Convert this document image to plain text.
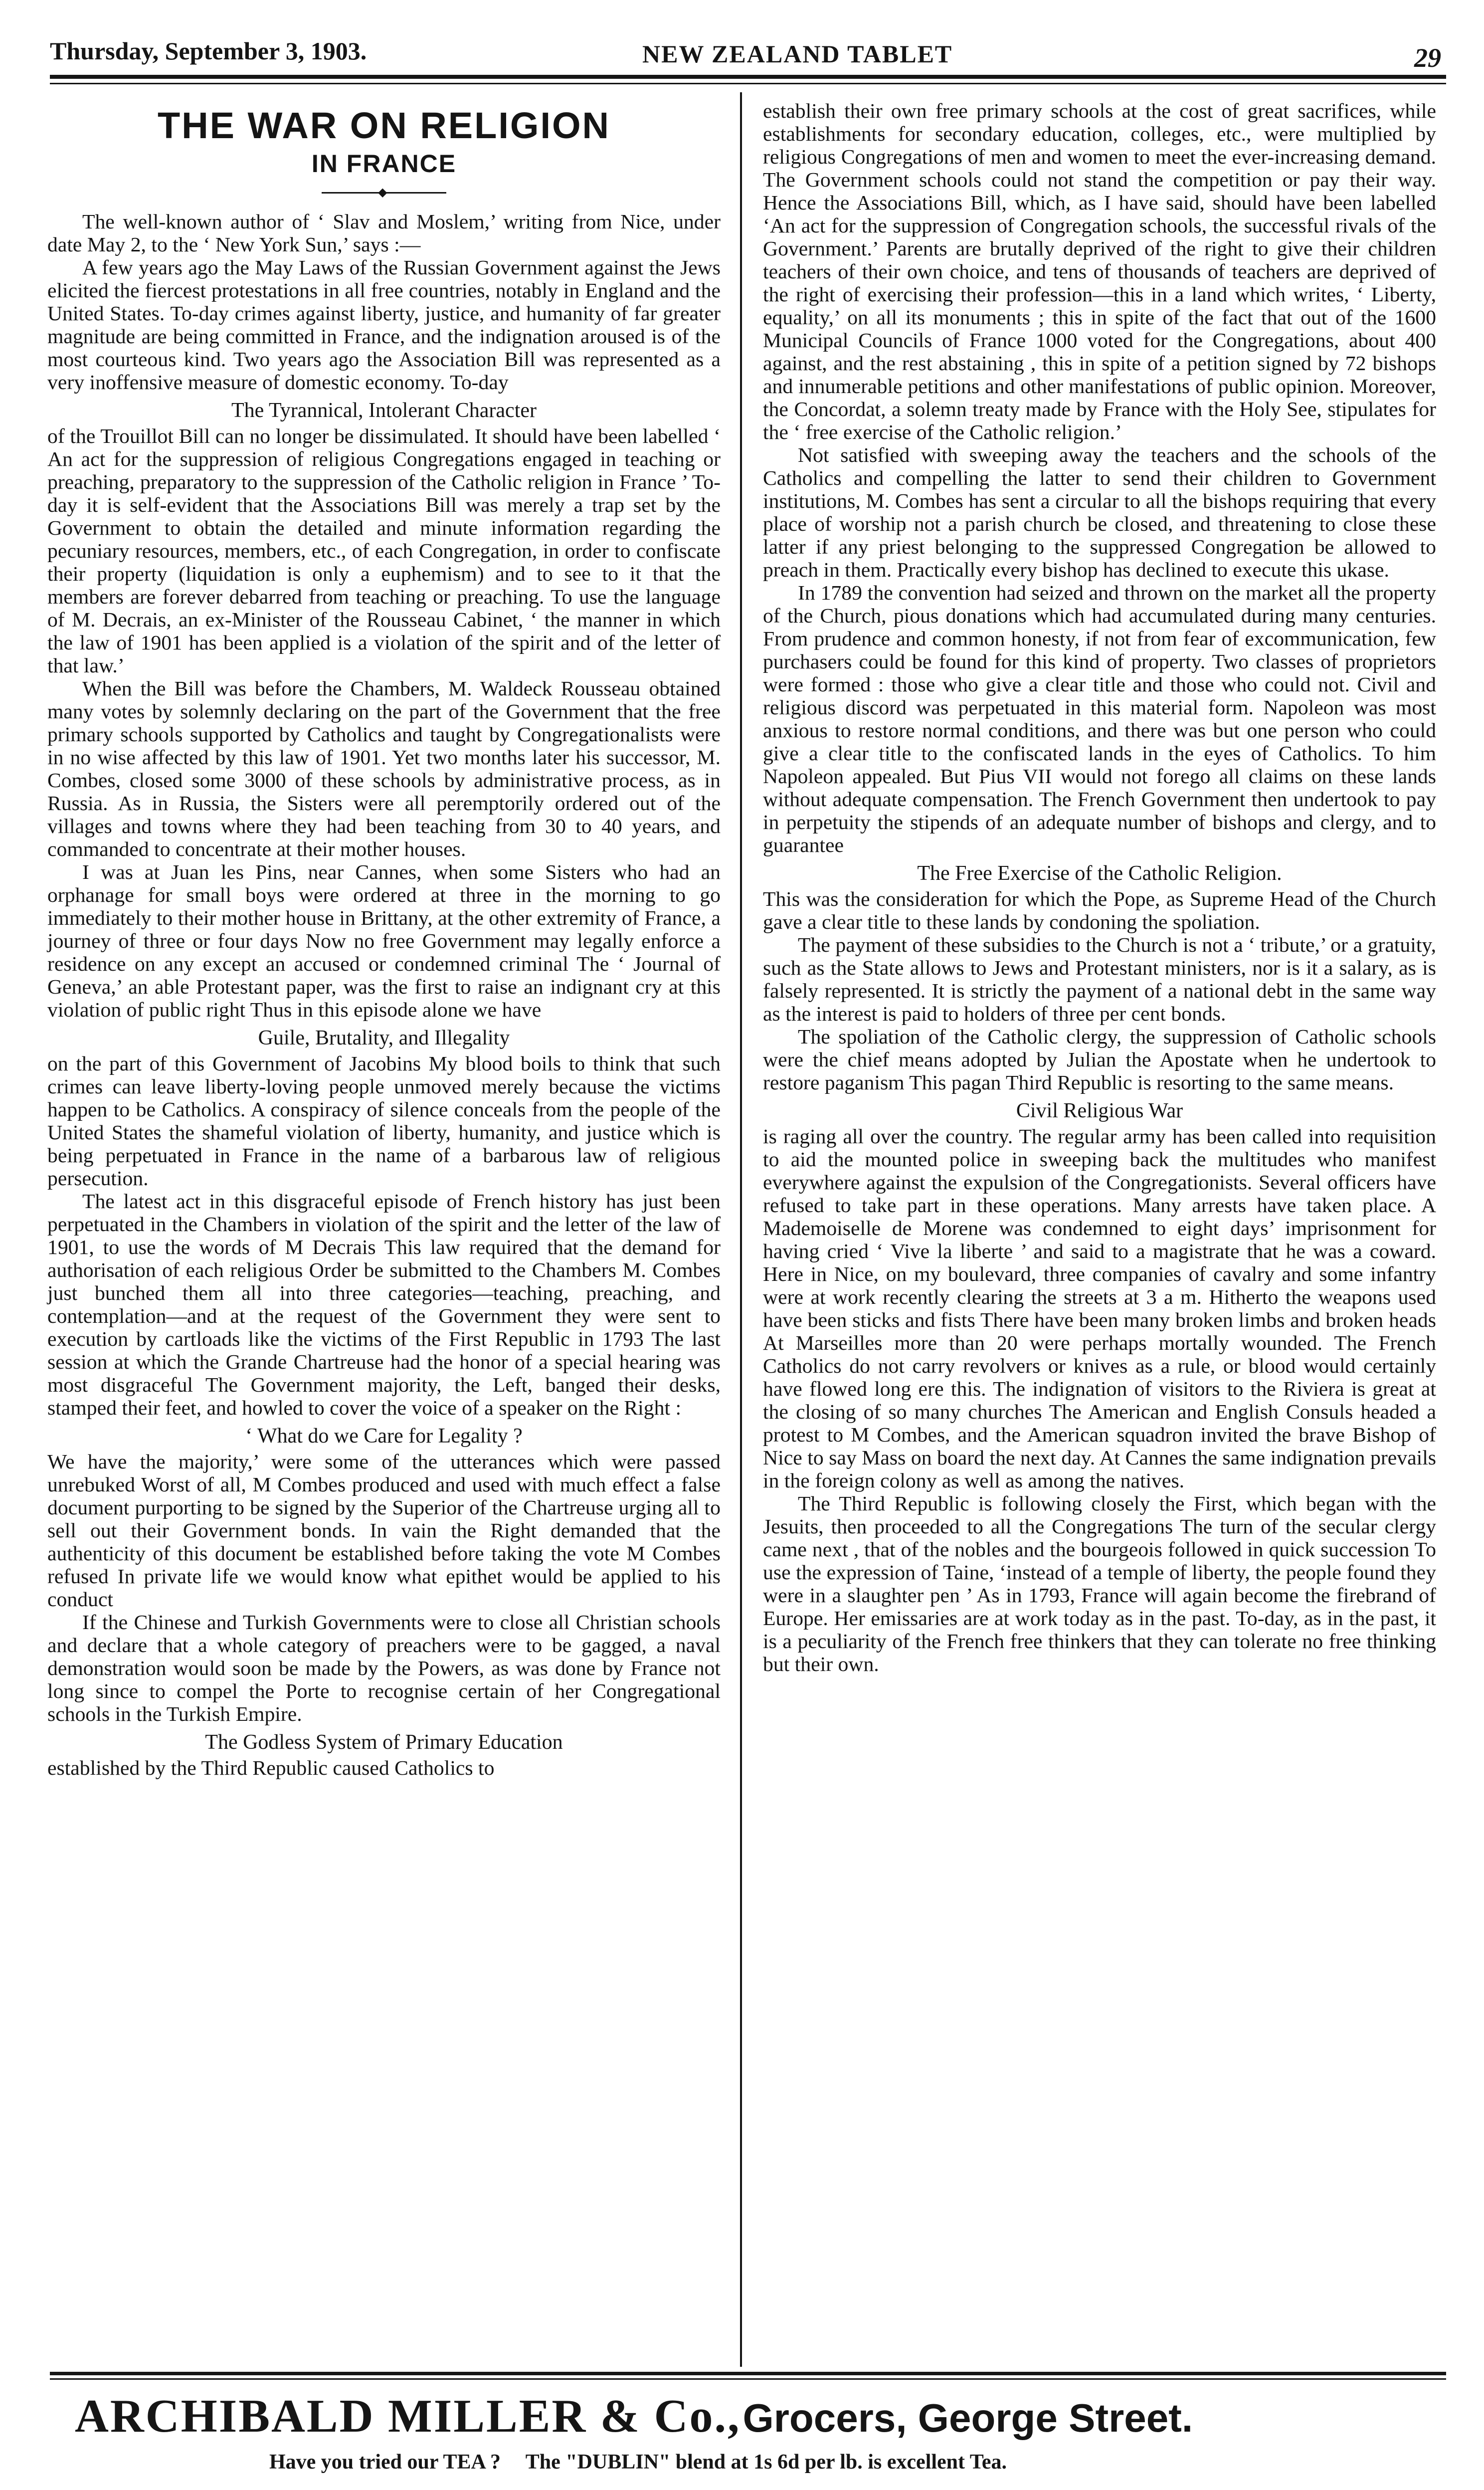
Thursday, September 3, 1903.	NEW ZEALAND TABLET	29
THE WAR ON RELIGION
IN FRANCE
◆

The well-known author of ‘ Slav and Moslem,’ writing from Nice, under date May 2, to the ‘ New York Sun,’ says :—

A few years ago the May Laws of the Russian Government against the Jews elicited the fiercest protestations in all free countries, notably in England and the United States. To-day crimes against liberty, justice, and humanity of far greater magnitude are being committed in France, and the indignation aroused is of the most courteous kind. Two years ago the Association Bill was represented as a very inoffensive measure of domestic economy. To-day

The Tyrannical, Intolerant Character

of the Trouillot Bill can no longer be dissimulated. It should have been labelled ‘ An act for the suppression of religious Congregations engaged in teaching or preaching, preparatory to the suppression of the Catholic religion in France ’ To-day it is self-evident that the Associations Bill was merely a trap set by the Government to obtain the detailed and minute information regarding the pecuniary resources, members, etc., of each Congregation, in order to confiscate their property (liquidation is only a euphemism) and to see to it that the members are forever debarred from teaching or preaching. To use the language of M. Decrais, an ex-Minister of the Rousseau Cabinet, ‘ the manner in which the law of 1901 has been applied is a violation of the spirit and of the letter of that law.’

When the Bill was before the Chambers, M. Waldeck Rousseau obtained many votes by solemnly declaring on the part of the Government that the free primary schools supported by Catholics and taught by Congregationalists were in no wise affected by this law of 1901. Yet two months later his successor, M. Combes, closed some 3000 of these schools by administrative process, as in Russia. As in Russia, the Sisters were all peremptorily ordered out of the villages and towns where they had been teaching from 30 to 40 years, and commanded to concentrate at their mother houses.

I was at Juan les Pins, near Cannes, when some Sisters who had an orphanage for small boys were ordered at three in the morning to go immediately to their mother house in Brittany, at the other extremity of France, a journey of three or four days Now no free Government may legally enforce a residence on any except an accused or condemned criminal The ‘ Journal of Geneva,’ an able Protestant paper, was the first to raise an indignant cry at this violation of public right Thus in this episode alone we have

Guile, Brutality, and Illegality

on the part of this Government of Jacobins My blood boils to think that such crimes can leave liberty-loving people unmoved merely because the victims happen to be Catholics. A conspiracy of silence conceals from the people of the United States the shameful violation of liberty, humanity, and justice which is being perpetuated in France in the name of a barbarous law of religious persecution.

The latest act in this disgraceful episode of French history has just been perpetuated in the Chambers in violation of the spirit and the letter of the law of 1901, to use the words of M Decrais This law required that the demand for authorisation of each religious Order be submitted to the Chambers M. Combes just bunched them all into three categories—teaching, preaching, and contemplation—and at the request of the Government they were sent to execution by cartloads like the victims of the First Republic in 1793 The last session at which the Grande Chartreuse had the honor of a special hearing was most disgraceful The Government majority, the Left, banged their desks, stamped their feet, and howled to cover the voice of a speaker on the Right :

‘ What do we Care for Legality ?

We have the majority,’ were some of the utterances which were passed unrebuked Worst of all, M Combes produced and used with much effect a false document purporting to be signed by the Superior of the Chartreuse urging all to sell out their Government bonds. In vain the Right demanded that the authenticity of this document be established before taking the vote M Combes refused In private life we would know what epithet would be applied to his conduct

If the Chinese and Turkish Governments were to close all Christian schools and declare that a whole category of preachers were to be gagged, a naval demonstration would soon be made by the Powers, as was done by France not long since to compel the Porte to recognise certain of her Congregational schools in the Turkish Empire.

The Godless System of Primary Education

established by the Third Republic caused Catholics to

establish their own free primary schools at the cost of great sacrifices, while establishments for secondary education, colleges, etc., were multiplied by religious Congregations of men and women to meet the ever-increasing demand. The Government schools could not stand the competition or pay their way. Hence the Associations Bill, which, as I have said, should have been labelled ‘An act for the suppression of Congregation schools, the successful rivals of the Government.’ Parents are brutally deprived of the right to give their children teachers of their own choice, and tens of thousands of teachers are deprived of the right of exercising their profession—this in a land which writes, ‘ Liberty, equality,’ on all its monuments ; this in spite of the fact that out of the 1600 Municipal Councils of France 1000 voted for the Congregations, about 400 against, and the rest abstaining , this in spite of a petition signed by 72 bishops and innumerable petitions and other manifestations of public opinion. Moreover, the Concordat, a solemn treaty made by France with the Holy See, stipulates for the ‘ free exercise of the Catholic religion.’

Not satisfied with sweeping away the teachers and the schools of the Catholics and compelling the latter to send their children to Government institutions, M. Combes has sent a circular to all the bishops requiring that every place of worship not a parish church be closed, and threatening to close these latter if any priest belonging to the suppressed Congregation be allowed to preach in them. Practically every bishop has declined to execute this ukase.

In 1789 the convention had seized and thrown on the market all the property of the Church, pious donations which had accumulated during many centuries. From prudence and common honesty, if not from fear of excommunication, few purchasers could be found for this kind of property. Two classes of proprietors were formed : those who give a clear title and those who could not. Civil and religious discord was perpetuated in this material form. Napoleon was most anxious to restore normal conditions, and there was but one person who could give a clear title to the confiscated lands in the eyes of Catholics. To him Napoleon appealed. But Pius VII would not forego all claims on these lands without adequate compensation. The French Government then undertook to pay in perpetuity the stipends of an adequate number of bishops and clergy, and to guarantee

The Free Exercise of the Catholic Religion.

This was the consideration for which the Pope, as Supreme Head of the Church gave a clear title to these lands by condoning the spoliation.

The payment of these subsidies to the Church is not a ‘ tribute,’ or a gratuity, such as the State allows to Jews and Protestant ministers, nor is it a salary, as is falsely represented. It is strictly the payment of a national debt in the same way as the interest is paid to holders of three per cent bonds.

The spoliation of the Catholic clergy, the suppression of Catholic schools were the chief means adopted by Julian the Apostate when he undertook to restore paganism This pagan Third Republic is resorting to the same means.

Civil Religious War

is raging all over the country. The regular army has been called into requisition to aid the mounted police in sweeping back the multitudes who manifest everywhere against the expulsion of the Congregationists. Several officers have refused to take part in these operations. Many arrests have taken place. A Mademoiselle de Morene was condemned to eight days’ imprisonment for having cried ‘ Vive la liberte ’ and said to a magistrate that he was a coward. Here in Nice, on my boulevard, three companies of cavalry and some infantry were at work recently clearing the streets at 3 a m. Hitherto the weapons used have been sticks and fists There have been many broken limbs and broken heads At Marseilles more than 20 were perhaps mortally wounded. The French Catholics do not carry revolvers or knives as a rule, or blood would certainly have flowed long ere this. The indignation of visitors to the Riviera is great at the closing of so many churches The American and English Consuls headed a protest to M Combes, and the American squadron invited the brave Bishop of Nice to say Mass on board the next day. At Cannes the same indignation prevails in the foreign colony as well as among the natives.

The Third Republic is following closely the First, which began with the Jesuits, then proceeded to all the Congregations The turn of the secular clergy came next , that of the nobles and the bourgeois followed in quick succession To use the expression of Taine, ‘instead of a temple of liberty, the people found they were in a slaughter pen ’ As in 1793, France will again become the firebrand of Europe. Her emissaries are at work today as in the past. To-day, as in the past, it is a peculiarity of the French free thinkers that they can tolerate no free thinking but their own.

ARCHIBALD MILLER & Co., Grocers, George Street.
Have you tried our TEA ? The "DUBLIN" blend at 1s 6d per lb. is excellent Tea.
